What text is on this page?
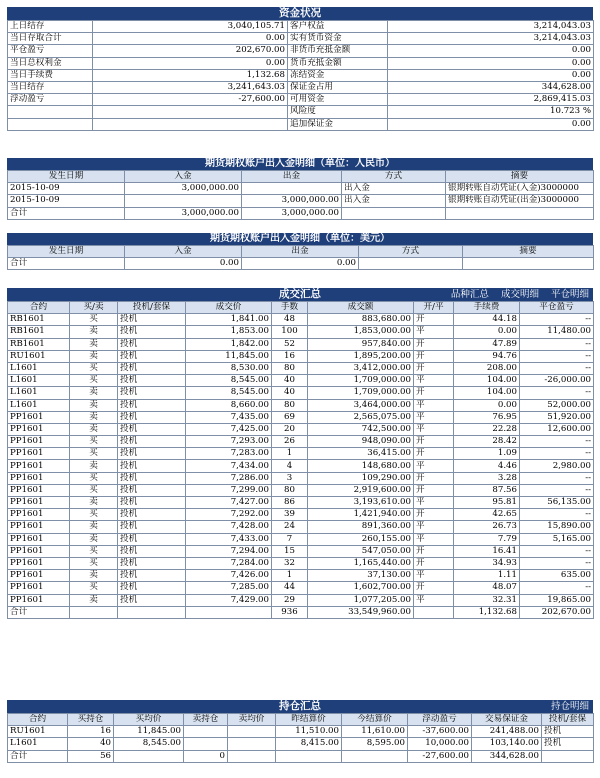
资金状况
上日结存	3,040,105.71	客户权益	3,214,043.03
当日存取合计	0.00	实有货币资金	3,214,043.03
平仓盈亏	202,670.00	非货币充抵金额	0.00
当日总权利金	0.00	货币充抵金额	0.00
当日手续费	1,132.68	冻结资金	0.00
当日结存	3,241,643.03	保证金占用	344,628.00
浮动盈亏	-27,600.00	可用资金	2,869,415.03
		风险度	10.723 %
		追加保证金	0.00
期货期权账户出入金明细（单位：人民币）
发生日期	入金	出金	方式	摘要
2015-10-09	3,000,000.00		出入金	银期转账自动凭证(入金)3000000
2015-10-09		3,000,000.00	出入金	银期转账自动凭证(出金)3000000
合计	3,000,000.00	3,000,000.00		
期货期权账户出入金明细（单位：美元）
发生日期	入金	出金	方式	摘要
合计	0.00	0.00		
成交汇总	品种汇总 成交明细 平仓明细
合约	买/卖	投机/套保	成交价	手数	成交额	开/平	手续费	平仓盈亏
RB1601	买	投机	1,841.00	48	883,680.00	开	44.18	--
RB1601	卖	投机	1,853.00	100	1,853,000.00	平	0.00	11,480.00
RB1601	卖	投机	1,842.00	52	957,840.00	开	47.89	--
RU1601	卖	投机	11,845.00	16	1,895,200.00	开	94.76	--
L1601	买	投机	8,530.00	80	3,412,000.00	开	208.00	--
L1601	买	投机	8,545.00	40	1,709,000.00	平	104.00	-26,000.00
L1601	卖	投机	8,545.00	40	1,709,000.00	开	104.00	--
L1601	卖	投机	8,660.00	80	3,464,000.00	平	0.00	52,000.00
PP1601	卖	投机	7,435.00	69	2,565,075.00	平	76.95	51,920.00
PP1601	卖	投机	7,425.00	20	742,500.00	平	22.28	12,600.00
PP1601	买	投机	7,293.00	26	948,090.00	开	28.42	--
PP1601	买	投机	7,283.00	1	36,415.00	开	1.09	--
PP1601	卖	投机	7,434.00	4	148,680.00	平	4.46	2,980.00
PP1601	买	投机	7,286.00	3	109,290.00	开	3.28	--
PP1601	买	投机	7,299.00	80	2,919,600.00	开	87.56	--
PP1601	卖	投机	7,427.00	86	3,193,610.00	平	95.81	56,135.00
PP1601	买	投机	7,292.00	39	1,421,940.00	开	42.65	--
PP1601	卖	投机	7,428.00	24	891,360.00	平	26.73	15,890.00
PP1601	卖	投机	7,433.00	7	260,155.00	平	7.79	5,165.00
PP1601	买	投机	7,294.00	15	547,050.00	开	16.41	--
PP1601	买	投机	7,284.00	32	1,165,440.00	开	34.93	--
PP1601	卖	投机	7,426.00	1	37,130.00	平	1.11	635.00
PP1601	买	投机	7,285.00	44	1,602,700.00	开	48.07	--
PP1601	卖	投机	7,429.00	29	1,077,205.00	平	32.31	19,865.00
合计				936	33,549,960.00		1,132.68	202,670.00
持仓汇总	持仓明细
合约	买持仓	买均价	卖持仓	卖均价	昨结算价	今结算价	浮动盈亏	交易保证金	投机/套保
RU1601	16	11,845.00			11,510.00	11,610.00	-37,600.00	241,488.00	投机
L1601	40	8,545.00			8,415.00	8,595.00	10,000.00	103,140.00	投机
合计	56		0				-27,600.00	344,628.00	
